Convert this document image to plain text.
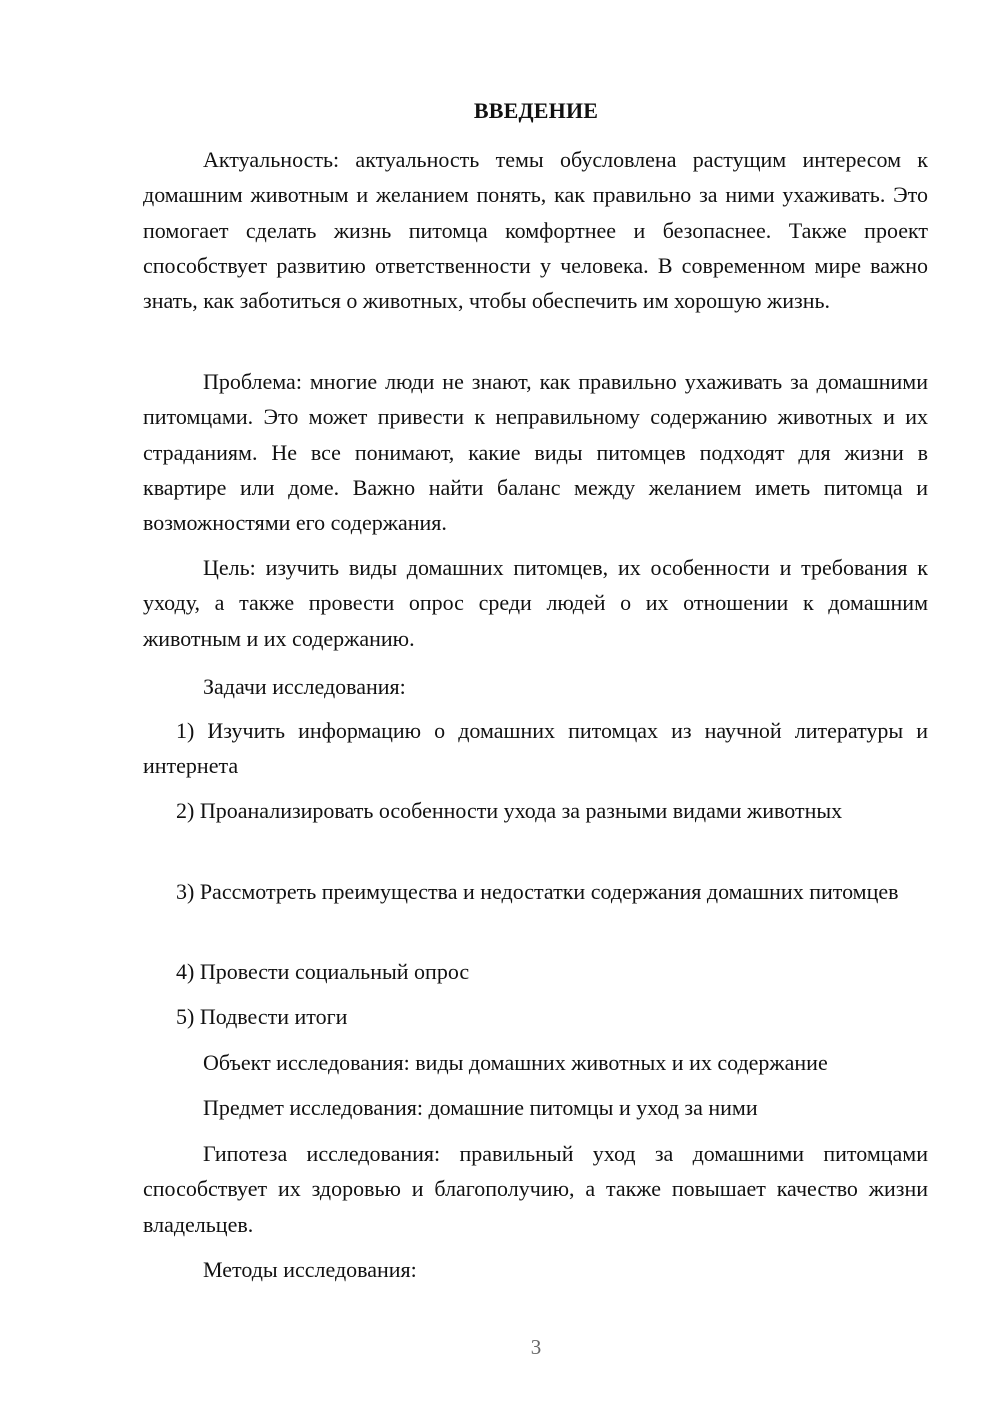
ВВЕДЕНИЕ

Актуальность: актуальность темы обусловлена растущим интересом к домашним животным и желанием понять, как правильно за ними ухаживать. Это помогает сделать жизнь питомца комфортнее и безопаснее. Также проект способствует развитию ответственности у человека. В современном мире важно знать, как заботиться о животных, чтобы обеспечить им хорошую жизнь.

Проблема: многие люди не знают, как правильно ухаживать за домашними питомцами. Это может привести к неправильному содержанию животных и их страданиям. Не все понимают, какие виды питомцев подходят для жизни в квартире или доме. Важно найти баланс между желанием иметь питомца и возможностями его содержания.

Цель: изучить виды домашних питомцев, их особенности и требования к уходу, а также провести опрос среди людей о их отношении к домашним животным и их содержанию.

Задачи исследования:

1) Изучить информацию о домашних питомцах из научной литературы и интернета

2) Проанализировать особенности ухода за разными видами животных

3) Рассмотреть преимущества и недостатки содержания домашних питомцев

4) Провести социальный опрос

5) Подвести итоги

Объект исследования: виды домашних животных и их содержание

Предмет исследования: домашние питомцы и уход за ними

Гипотеза исследования: правильный уход за домашними питомцами способствует их здоровью и благополучию, а также повышает качество жизни владельцев.

Методы исследования:

3
